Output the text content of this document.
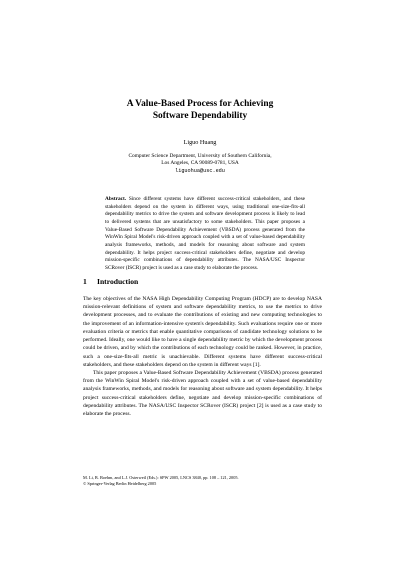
A Value-Based Process for Achieving
Software Dependability
Liguo Huang
Computer Science Department, University of Southern California,
Los Angeles, CA 90089-0781, USA
liguohua@usc.edu
Abstract. Since different systems have different success-critical stakeholders, and these stakeholders depend on the system in different ways, using traditional one-size-fits-all dependability metrics to drive the system and software development process is likely to lead to delivered systems that are unsatisfactory to some stakeholders. This paper proposes a Value-Based Software Dependability Achievement (VBSDA) process generated from the WinWin Spiral Model's risk-driven approach coupled with a set of value-based dependability analysis frameworks, methods, and models for reasoning about software and system dependability. It helps project success-critical stakeholders define, negotiate and develop mission-specific combinations of dependability attributes. The NASA/USC Inspector SCRover (ISCR) project is used as a case study to elaborate the process.
1 Introduction

The key objectives of the NASA High Dependability Computing Program (HDCP) are to develop NASA mission-relevant definitions of system and software dependability metrics, to use the metrics to drive development processes, and to evaluate the contributions of existing and new computing technologies to the improvement of an information-intensive system's dependability. Such evaluations require one or more evaluation criteria or metrics that enable quantitative comparisons of candidate technology solutions to be performed. Ideally, one would like to have a single dependability metric by which the development process could be driven, and by which the contributions of each technology could be ranked. However, in practice, such a one-size-fits-all metric is unachievable. Different systems have different success-critical stakeholders, and these stakeholders depend on the system in different ways [1].

This paper proposes a Value-Based Software Dependability Achievement (VBSDA) process generated from the WinWin Spiral Model's risk-driven approach coupled with a set of value-based dependability analysis frameworks, methods, and models for reasoning about software and system dependability. It helps project success-critical stakeholders define, negotiate and develop mission-specific combinations of dependability attributes. The NASA/USC Inspector SCRover (ISCR) project [2] is used as a case study to elaborate the process.

M. Li, B. Boehm, and L.J. Osterweil (Eds.): SPW 2005, LNCS 3840, pp. 108 – 121, 2005.
© Springer-Verlag Berlin Heidelberg 2005
